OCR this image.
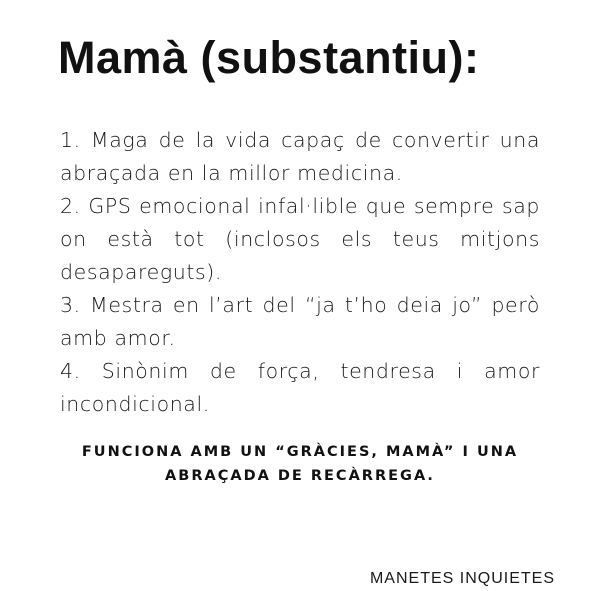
Mamà (substantiu):

1. Maga de la vida capaç de convertir una abraçada en la millor medicina.

2. GPS emocional infal·lible que sempre sap on està tot (inclosos els teus mitjons desapareguts).

3. Mestra en l’art del “ja t’ho deia jo” però amb amor.

4. Sinònim de força, tendresa i amor incondicional.

FUNCIONA AMB UN “GRÀCIES, MAMÀ” I UNA ABRAÇADA DE RECÀRREGA.
MANETES INQUIETES
